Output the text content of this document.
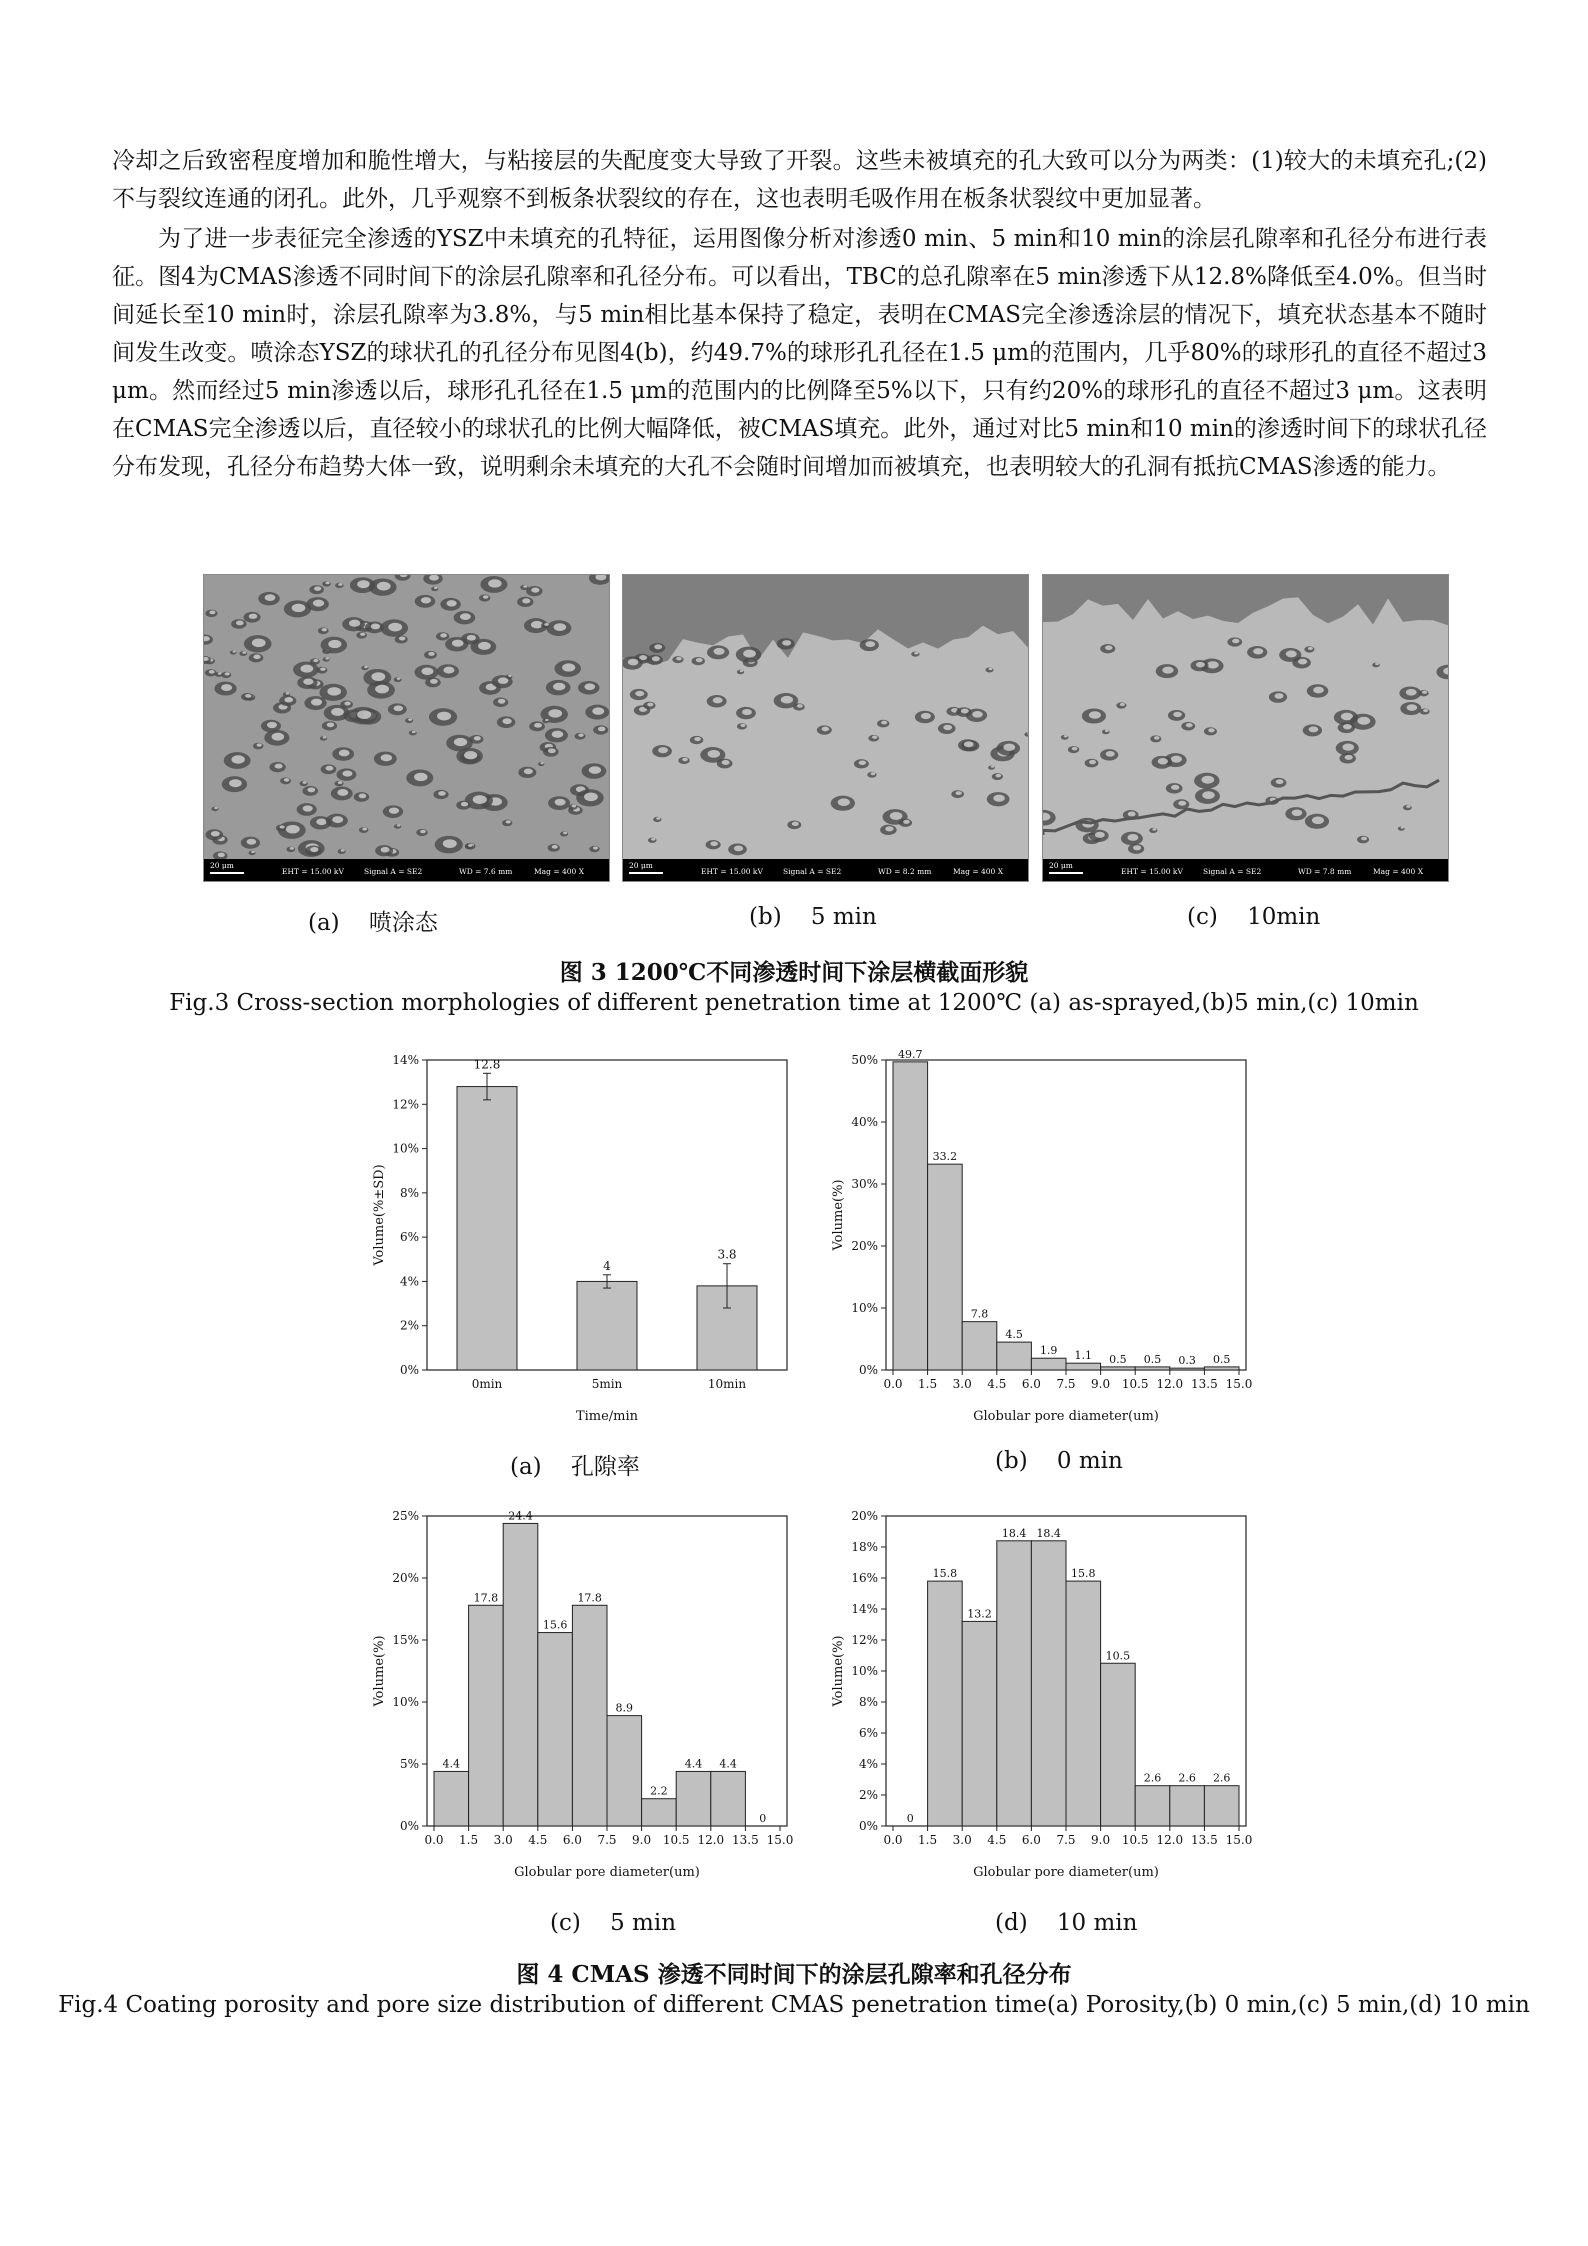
冷却之后致密程度增加和脆性增大，与粘接层的失配度变大导致了开裂。这些未被填充的孔大致可以分为两类：(1)较大的未填充孔;(2)不与裂纹连通的闭孔。此外，几乎观察不到板条状裂纹的存在，这也表明毛吸作用在板条状裂纹中更加显著。

为了进一步表征完全渗透的YSZ中未填充的孔特征，运用图像分析对渗透0 min、5 min和10 min的涂层孔隙率和孔径分布进行表征。图4为CMAS渗透不同时间下的涂层孔隙率和孔径分布。可以看出，TBC的总孔隙率在5 min渗透下从12.8%降低至4.0%。但当时间延长至10 min时，涂层孔隙率为3.8%，与5 min相比基本保持了稳定，表明在CMAS完全渗透涂层的情况下，填充状态基本不随时间发生改变。喷涂态YSZ的球状孔的孔径分布见图4(b)，约49.7%的球形孔孔径在1.5 μm的范围内，几乎80%的球形孔的直径不超过3 μm。然而经过5 min渗透以后，球形孔孔径在1.5 μm的范围内的比例降至5%以下，只有约20%的球形孔的直径不超过3 μm。这表明在CMAS完全渗透以后，直径较小的球状孔的比例大幅降低，被CMAS填充。此外，通过对比5 min和10 min的渗透时间下的球状孔径分布发现，孔径分布趋势大体一致，说明剩余未填充的大孔不会随时间增加而被填充，也表明较大的孔洞有抵抗CMAS渗透的能力。

20 μm
EHT = 15.00 kV	Signal A = SE2	WD = 7.6 mm	Mag = 400 X
20 μm
EHT = 15.00 kV	Signal A = SE2	WD = 8.2 mm	Mag = 400 X
20 μm
EHT = 15.00 kV	Signal A = SE2	WD = 7.8 mm	Mag = 400 X
(a) 喷涂态	(b) 5 min	(c) 10min
图 3 1200℃不同渗透时间下涂层横截面形貌
Fig.3 Cross-section morphologies of different penetration time at 1200℃ (a) as-sprayed,(b)5 min,(c) 10min
0%
2%
4%
6%
8%
10%
12%
14%
Volume(%±SD)
Time/min
12.8
0min
4
5min
3.8
10min
0%
10%
20%
30%
40%
50%
Volume(%)
Globular pore diameter(um)
0.0 1.5 3.0 4.5 6.0 7.5 9.0 10.5 12.0 13.5 15.0
49.7
33.2
7.8
4.5
1.9 1.1 0.5 0.5 0.3 0.5
0%
5%
10%
15%
20%
25%
Volume(%)
Globular pore diameter(um)
0.0 1.5 3.0 4.5 6.0 7.5 9.0 10.5 12.0 13.5 15.0
4.4
17.8
24.4
15.6
17.8
8.9
2.2
4.4 4.4
0
0%
2%
4%
6%
8%
10%
12%
14%
16%
18%
20%
Volume(%)
Globular pore diameter(um)
0.0 1.5 3.0 4.5 6.0 7.5 9.0 10.5 12.0 13.5 15.0
0
15.8
13.2
18.4 18.4
15.8
10.5
2.6 2.6 2.6
(a) 孔隙率	(b) 0 min
(c) 5 min	(d) 10 min
图 4 CMAS 渗透不同时间下的涂层孔隙率和孔径分布
Fig.4 Coating porosity and pore size distribution of different CMAS penetration time(a) Porosity,(b) 0 min,(c) 5 min,(d) 10 min
